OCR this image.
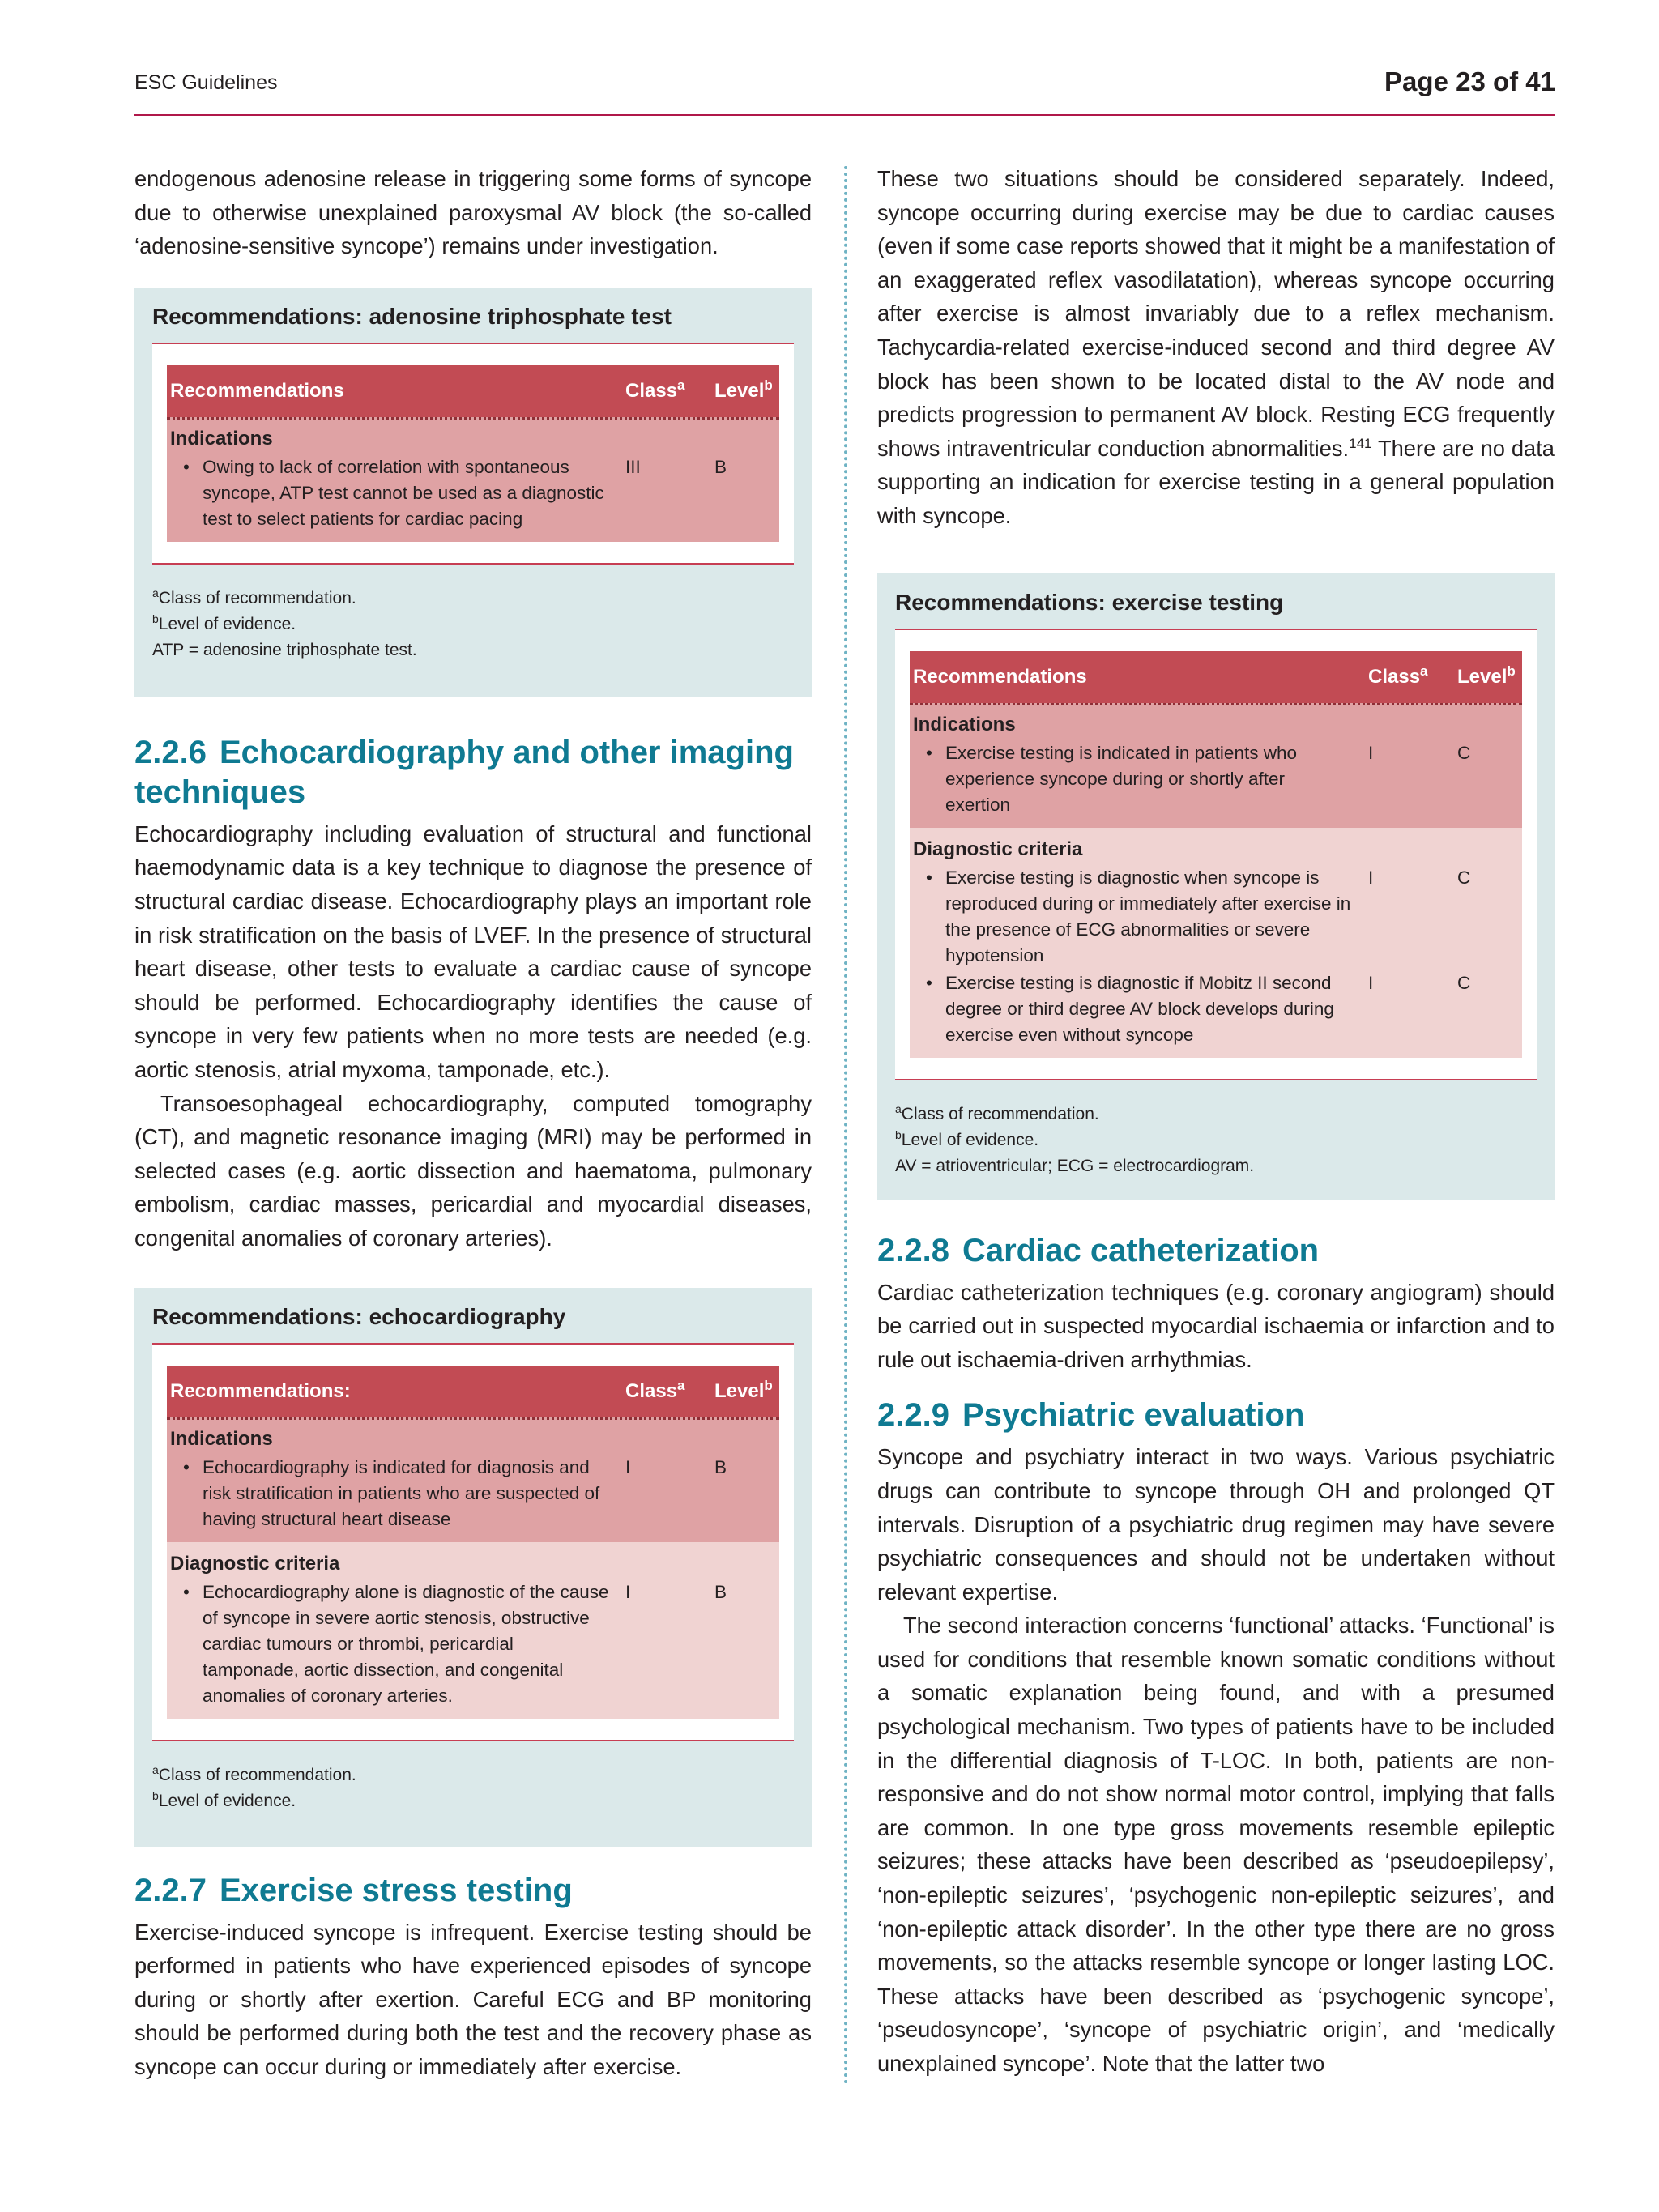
ESC Guidelines	Page 23 of 41

endogenous adenosine release in triggering some forms of syncope due to otherwise unexplained paroxysmal AV block (the so-called ‘adenosine-sensitive syncope’) remains under investigation.

Recommendations: adenosine triphosphate test
Recommendations	Class$^a$	Level$^b$
Indications
• Owing to lack of correlation with spontaneous syncope, ATP test cannot be used as a diagnostic test to select patients for cardiac pacing
III	B
$^a$Class of recommendation.
$^b$Level of evidence.
ATP = adenosine triphosphate test.
2.2.6 Echocardiography and other imaging techniques

Echocardiography including evaluation of structural and functional haemodynamic data is a key technique to diagnose the presence of structural cardiac disease. Echocardiography plays an important role in risk stratification on the basis of LVEF. In the presence of structural heart disease, other tests to evaluate a cardiac cause of syncope should be performed. Echocardiography identifies the cause of syncope in very few patients when no more tests are needed (e.g. aortic stenosis, atrial myxoma, tamponade, etc.).

Transoesophageal echocardiography, computed tomography (CT), and magnetic resonance imaging (MRI) may be performed in selected cases (e.g. aortic dissection and haematoma, pulmonary embolism, cardiac masses, pericardial and myocardial diseases, congenital anomalies of coronary arteries).

Recommendations: echocardiography
Recommendations:	Class$^a$	Level$^b$
Indications
• Echocardiography is indicated for diagnosis and risk stratification in patients who are suspected of having structural heart disease
I	B
Diagnostic criteria
• Echocardiography alone is diagnostic of the cause of syncope in severe aortic stenosis, obstructive cardiac tumours or thrombi, pericardial tamponade, aortic dissection, and congenital anomalies of coronary arteries.
I	B
$^a$Class of recommendation.
$^b$Level of evidence.
2.2.7 Exercise stress testing

Exercise-induced syncope is infrequent. Exercise testing should be performed in patients who have experienced episodes of syncope during or shortly after exertion. Careful ECG and BP monitoring should be performed during both the test and the recovery phase as syncope can occur during or immediately after exercise.

These two situations should be considered separately. Indeed, syncope occurring during exercise may be due to cardiac causes (even if some case reports showed that it might be a manifestation of an exaggerated reflex vasodilatation), whereas syncope occurring after exercise is almost invariably due to a reflex mechanism. Tachycardia-related exercise-induced second and third degree AV block has been shown to be located distal to the AV node and predicts progression to permanent AV block. Resting ECG frequently shows intraventricular conduction abnormalities.$^{141}$ There are no data supporting an indication for exercise testing in a general population with syncope.

Recommendations: exercise testing
Recommendations	Class$^a$	Level$^b$
Indications
• Exercise testing is indicated in patients who experience syncope during or shortly after exertion
I	C
Diagnostic criteria
• Exercise testing is diagnostic when syncope is reproduced during or immediately after exercise in the presence of ECG abnormalities or severe hypotension
I	C
• Exercise testing is diagnostic if Mobitz II second degree or third degree AV block develops during exercise even without syncope
I	C
$^a$Class of recommendation.
$^b$Level of evidence.
AV = atrioventricular; ECG = electrocardiogram.
2.2.8 Cardiac catheterization

Cardiac catheterization techniques (e.g. coronary angiogram) should be carried out in suspected myocardial ischaemia or infarction and to rule out ischaemia-driven arrhythmias.

2.2.9 Psychiatric evaluation

Syncope and psychiatry interact in two ways. Various psychiatric drugs can contribute to syncope through OH and prolonged QT intervals. Disruption of a psychiatric drug regimen may have severe psychiatric consequences and should not be undertaken without relevant expertise.

The second interaction concerns ‘functional’ attacks. ‘Functional’ is used for conditions that resemble known somatic conditions without a somatic explanation being found, and with a presumed psychological mechanism. Two types of patients have to be included in the differential diagnosis of T-LOC. In both, patients are non-responsive and do not show normal motor control, implying that falls are common. In one type gross movements resemble epileptic seizures; these attacks have been described as ‘pseudoepilepsy’, ‘non-epileptic seizures’, ‘psychogenic non-epileptic seizures’, and ‘non-epileptic attack disorder’. In the other type there are no gross movements, so the attacks resemble syncope or longer lasting LOC. These attacks have been described as ‘psychogenic syncope’, ‘pseudosyncope’, ‘syncope of psychiatric origin’, and ‘medically unexplained syncope’. Note that the latter two
